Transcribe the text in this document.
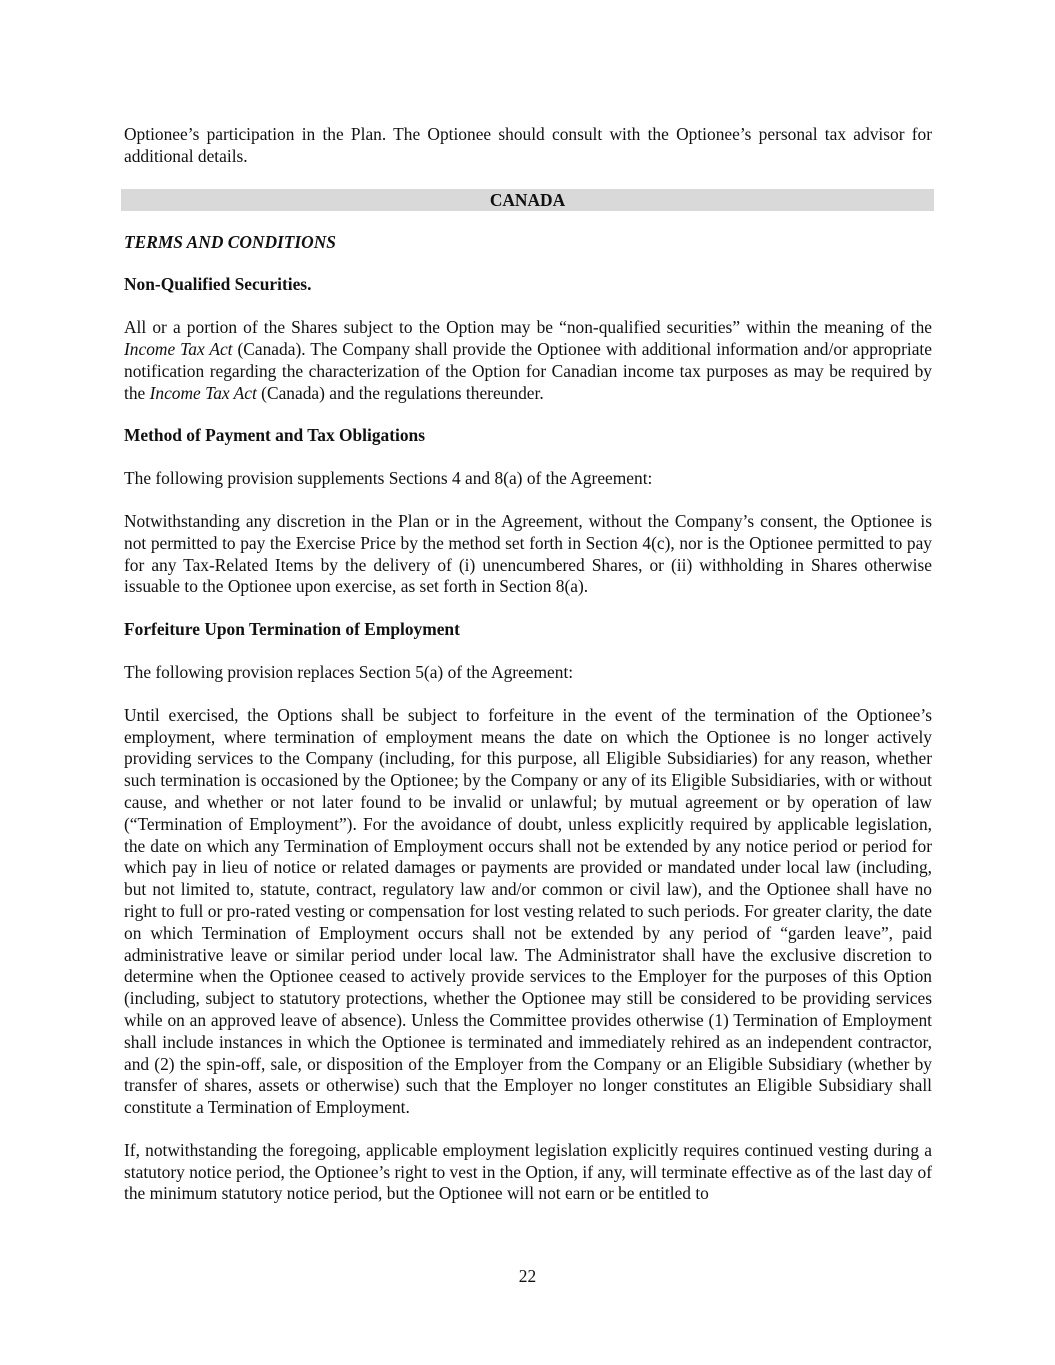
Optionee’s participation in the Plan. The Optionee should consult with the Optionee’s personal tax advisor for additional details.

CANADA
TERMS AND CONDITIONS
Non-Qualified Securities.

All or a portion of the Shares subject to the Option may be “non-qualified securities” within the meaning of the Income Tax Act (Canada). The Company shall provide the Optionee with additional information and/or appropriate notification regarding the characterization of the Option for Canadian income tax purposes as may be required by the Income Tax Act (Canada) and the regulations thereunder.

Method of Payment and Tax Obligations

The following provision supplements Sections 4 and 8(a) of the Agreement:

Notwithstanding any discretion in the Plan or in the Agreement, without the Company’s consent, the Optionee is not permitted to pay the Exercise Price by the method set forth in Section 4(c), nor is the Optionee permitted to pay for any Tax-Related Items by the delivery of (i) unencumbered Shares, or (ii) withholding in Shares otherwise issuable to the Optionee upon exercise, as set forth in Section 8(a).

Forfeiture Upon Termination of Employment

The following provision replaces Section 5(a) of the Agreement:

Until exercised, the Options shall be subject to forfeiture in the event of the termination of the Optionee’s employment, where termination of employment means the date on which the Optionee is no longer actively providing services to the Company (including, for this purpose, all Eligible Subsidiaries) for any reason, whether such termination is occasioned by the Optionee; by the Company or any of its Eligible Subsidiaries, with or without cause, and whether or not later found to be invalid or unlawful; by mutual agreement or by operation of law (“Termination of Employment”). For the avoidance of doubt, unless explicitly required by applicable legislation, the date on which any Termination of Employment occurs shall not be extended by any notice period or period for which pay in lieu of notice or related damages or payments are provided or mandated under local law (including, but not limited to, statute, contract, regulatory law and/or common or civil law), and the Optionee shall have no right to full or pro-rated vesting or compensation for lost vesting related to such periods. For greater clarity, the date on which Termination of Employment occurs shall not be extended by any period of “garden leave”, paid administrative leave or similar period under local law. The Administrator shall have the exclusive discretion to determine when the Optionee ceased to actively provide services to the Employer for the purposes of this Option (including, subject to statutory protections, whether the Optionee may still be considered to be providing services while on an approved leave of absence). Unless the Committee provides otherwise (1) Termination of Employment shall include instances in which the Optionee is terminated and immediately rehired as an independent contractor, and (2) the spin-off, sale, or disposition of the Employer from the Company or an Eligible Subsidiary (whether by transfer of shares, assets or otherwise) such that the Employer no longer constitutes an Eligible Subsidiary shall constitute a Termination of Employment.

If, notwithstanding the foregoing, applicable employment legislation explicitly requires continued vesting during a statutory notice period, the Optionee’s right to vest in the Option, if any, will terminate effective as of the last day of the minimum statutory notice period, but the Optionee will not earn or be entitled to

22
